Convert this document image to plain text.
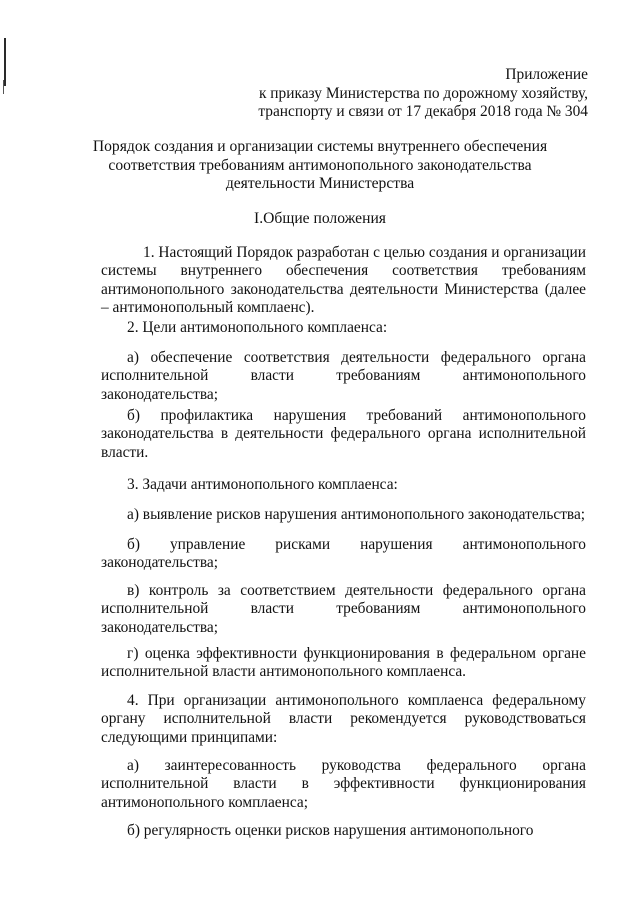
Приложение
к приказу Министерства по дорожному хозяйству,
транспорту и связи от 17 декабря 2018 года № 304
Порядок создания и организации системы внутреннего обеспечения
соответствия требованиям антимонопольного законодательства
деятельности Министерства
I.Общие положения
1. Настоящий Порядок разработан с целью создания и организации системы внутреннего обеспечения соответствия требованиям антимонопольного законодательства деятельности Министерства (далее – антимонопольный комплаенс).
2. Цели антимонопольного комплаенса:
а) обеспечение соответствия деятельности федерального органа исполнительной власти требованиям антимонопольного законодательства;
б) профилактика нарушения требований антимонопольного законодательства в деятельности федерального органа исполнительной власти.
3. Задачи антимонопольного комплаенса:
а) выявление рисков нарушения антимонопольного законодательства;
б) управление рисками нарушения антимонопольного законодательства;
в) контроль за соответствием деятельности федерального органа исполнительной власти требованиям антимонопольного законодательства;
г) оценка эффективности функционирования в федеральном органе исполнительной власти антимонопольного комплаенса.
4. При организации антимонопольного комплаенса федеральному органу исполнительной власти рекомендуется руководствоваться следующими принципами:
а) заинтересованность руководства федерального органа исполнительной власти в эффективности функционирования антимонопольного комплаенса;
б) регулярность оценки рисков нарушения антимонопольного
